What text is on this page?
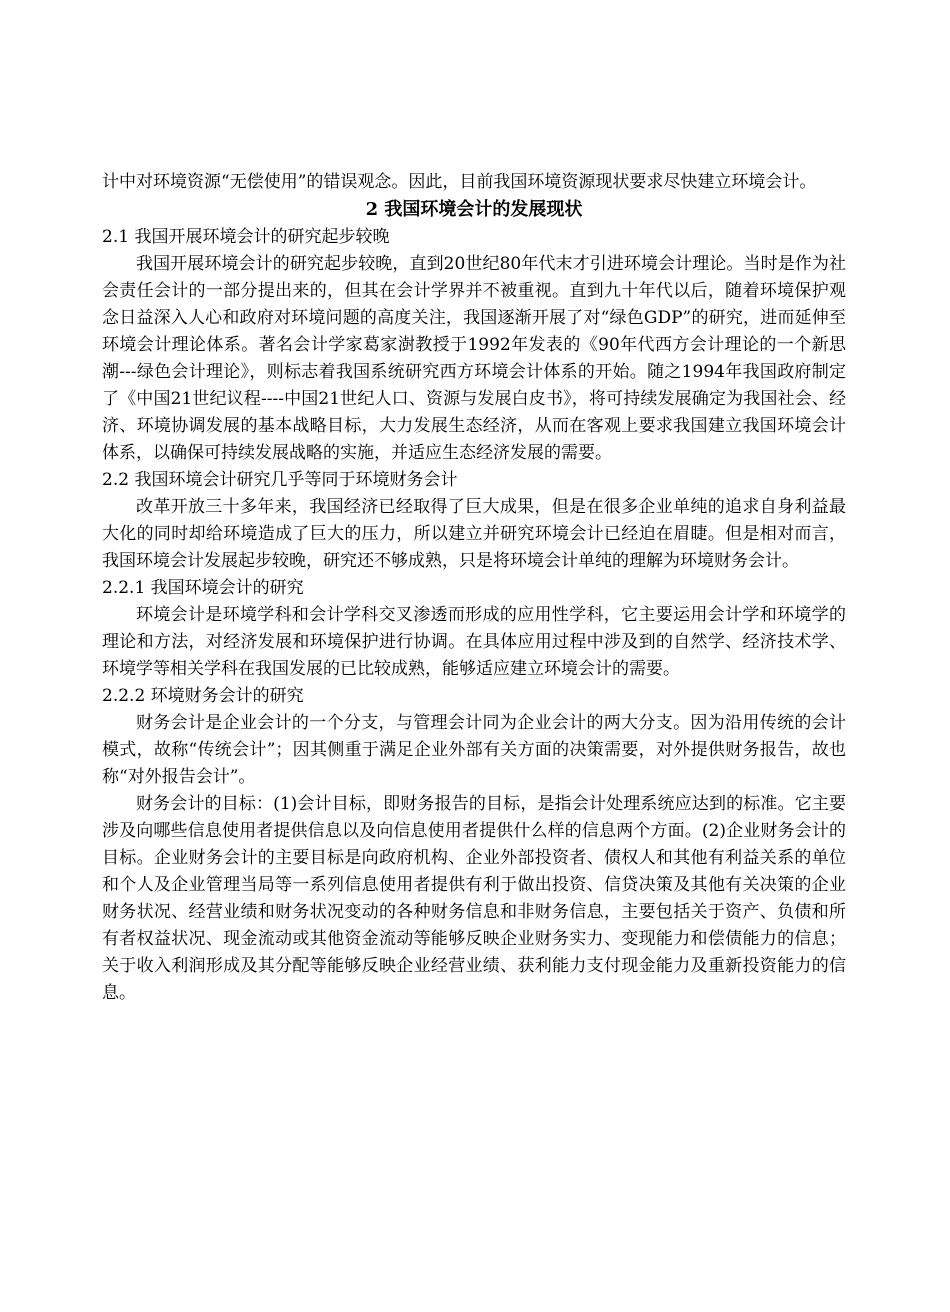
计中对环境资源“无偿使用”的错误观念。因此，目前我国环境资源现状要求尽快建立环境会计。

2 我国环境会计的发展现状

2.1 我国开展环境会计的研究起步较晚

我国开展环境会计的研究起步较晚，直到20世纪80年代末才引进环境会计理论。当时是作为社会责任会计的一部分提出来的，但其在会计学界并不被重视。直到九十年代以后，随着环境保护观念日益深入人心和政府对环境问题的高度关注，我国逐渐开展了对“绿色GDP”的研究，进而延伸至环境会计理论体系。著名会计学家葛家澍教授于1992年发表的《90年代西方会计理论的一个新思潮---绿色会计理论》，则标志着我国系统研究西方环境会计体系的开始。随之1994年我国政府制定了《中国21世纪议程----中国21世纪人口、资源与发展白皮书》，将可持续发展确定为我国社会、经济、环境协调发展的基本战略目标，大力发展生态经济，从而在客观上要求我国建立我国环境会计体系，以确保可持续发展战略的实施，并适应生态经济发展的需要。

2.2 我国环境会计研究几乎等同于环境财务会计

改革开放三十多年来，我国经济已经取得了巨大成果，但是在很多企业单纯的追求自身利益最大化的同时却给环境造成了巨大的压力，所以建立并研究环境会计已经迫在眉睫。但是相对而言，我国环境会计发展起步较晚，研究还不够成熟，只是将环境会计单纯的理解为环境财务会计。

2.2.1 我国环境会计的研究

环境会计是环境学科和会计学科交叉渗透而形成的应用性学科，它主要运用会计学和环境学的理论和方法，对经济发展和环境保护进行协调。在具体应用过程中涉及到的自然学、经济技术学、环境学等相关学科在我国发展的已比较成熟，能够适应建立环境会计的需要。

2.2.2 环境财务会计的研究

财务会计是企业会计的一个分支，与管理会计同为企业会计的两大分支。因为沿用传统的会计模式，故称“传统会计”；因其侧重于满足企业外部有关方面的决策需要，对外提供财务报告，故也称“对外报告会计”。

财务会计的目标：(1)会计目标，即财务报告的目标，是指会计处理系统应达到的标准。它主要涉及向哪些信息使用者提供信息以及向信息使用者提供什么样的信息两个方面。(2)企业财务会计的目标。企业财务会计的主要目标是向政府机构、企业外部投资者、债权人和其他有利益关系的单位和个人及企业管理当局等一系列信息使用者提供有利于做出投资、信贷决策及其他有关决策的企业财务状况、经营业绩和财务状况变动的各种财务信息和非财务信息，主要包括关于资产、负债和所有者权益状况、现金流动或其他资金流动等能够反映企业财务实力、变现能力和偿债能力的信息；关于收入利润形成及其分配等能够反映企业经营业绩、获利能力支付现金能力及重新投资能力的信息。
